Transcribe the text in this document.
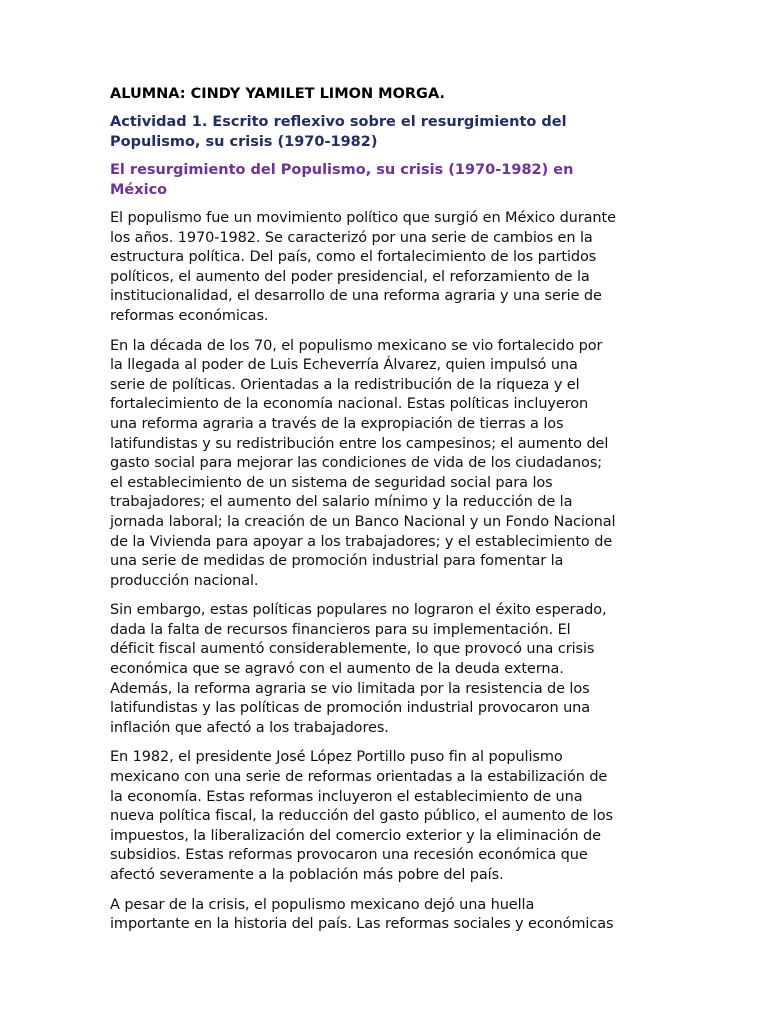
ALUMNA: CINDY YAMILET LIMON MORGA.

Actividad 1. Escrito reflexivo sobre el resurgimiento del
Populismo, su crisis (1970-1982)

El resurgimiento del Populismo, su crisis (1970-1982) en
México

El populismo fue un movimiento político que surgió en México durante
los años. 1970-1982. Se caracterizó por una serie de cambios en la
estructura política. Del país, como el fortalecimiento de los partidos
políticos, el aumento del poder presidencial, el reforzamiento de la
institucionalidad, el desarrollo de una reforma agraria y una serie de
reformas económicas.

En la década de los 70, el populismo mexicano se vio fortalecido por
la llegada al poder de Luis Echeverría Álvarez, quien impulsó una
serie de políticas. Orientadas a la redistribución de la riqueza y el
fortalecimiento de la economía nacional. Estas políticas incluyeron
una reforma agraria a través de la expropiación de tierras a los
latifundistas y su redistribución entre los campesinos; el aumento del
gasto social para mejorar las condiciones de vida de los ciudadanos;
el establecimiento de un sistema de seguridad social para los
trabajadores; el aumento del salario mínimo y la reducción de la
jornada laboral; la creación de un Banco Nacional y un Fondo Nacional
de la Vivienda para apoyar a los trabajadores; y el establecimiento de
una serie de medidas de promoción industrial para fomentar la
producción nacional.

Sin embargo, estas políticas populares no lograron el éxito esperado,
dada la falta de recursos financieros para su implementación. El
déficit fiscal aumentó considerablemente, lo que provocó una crisis
económica que se agravó con el aumento de la deuda externa.
Además, la reforma agraria se vio limitada por la resistencia de los
latifundistas y las políticas de promoción industrial provocaron una
inflación que afectó a los trabajadores.

En 1982, el presidente José López Portillo puso fin al populismo
mexicano con una serie de reformas orientadas a la estabilización de
la economía. Estas reformas incluyeron el establecimiento de una
nueva política fiscal, la reducción del gasto público, el aumento de los
impuestos, la liberalización del comercio exterior y la eliminación de
subsidios. Estas reformas provocaron una recesión económica que
afectó severamente a la población más pobre del país.

A pesar de la crisis, el populismo mexicano dejó una huella
importante en la historia del país. Las reformas sociales y económicas
